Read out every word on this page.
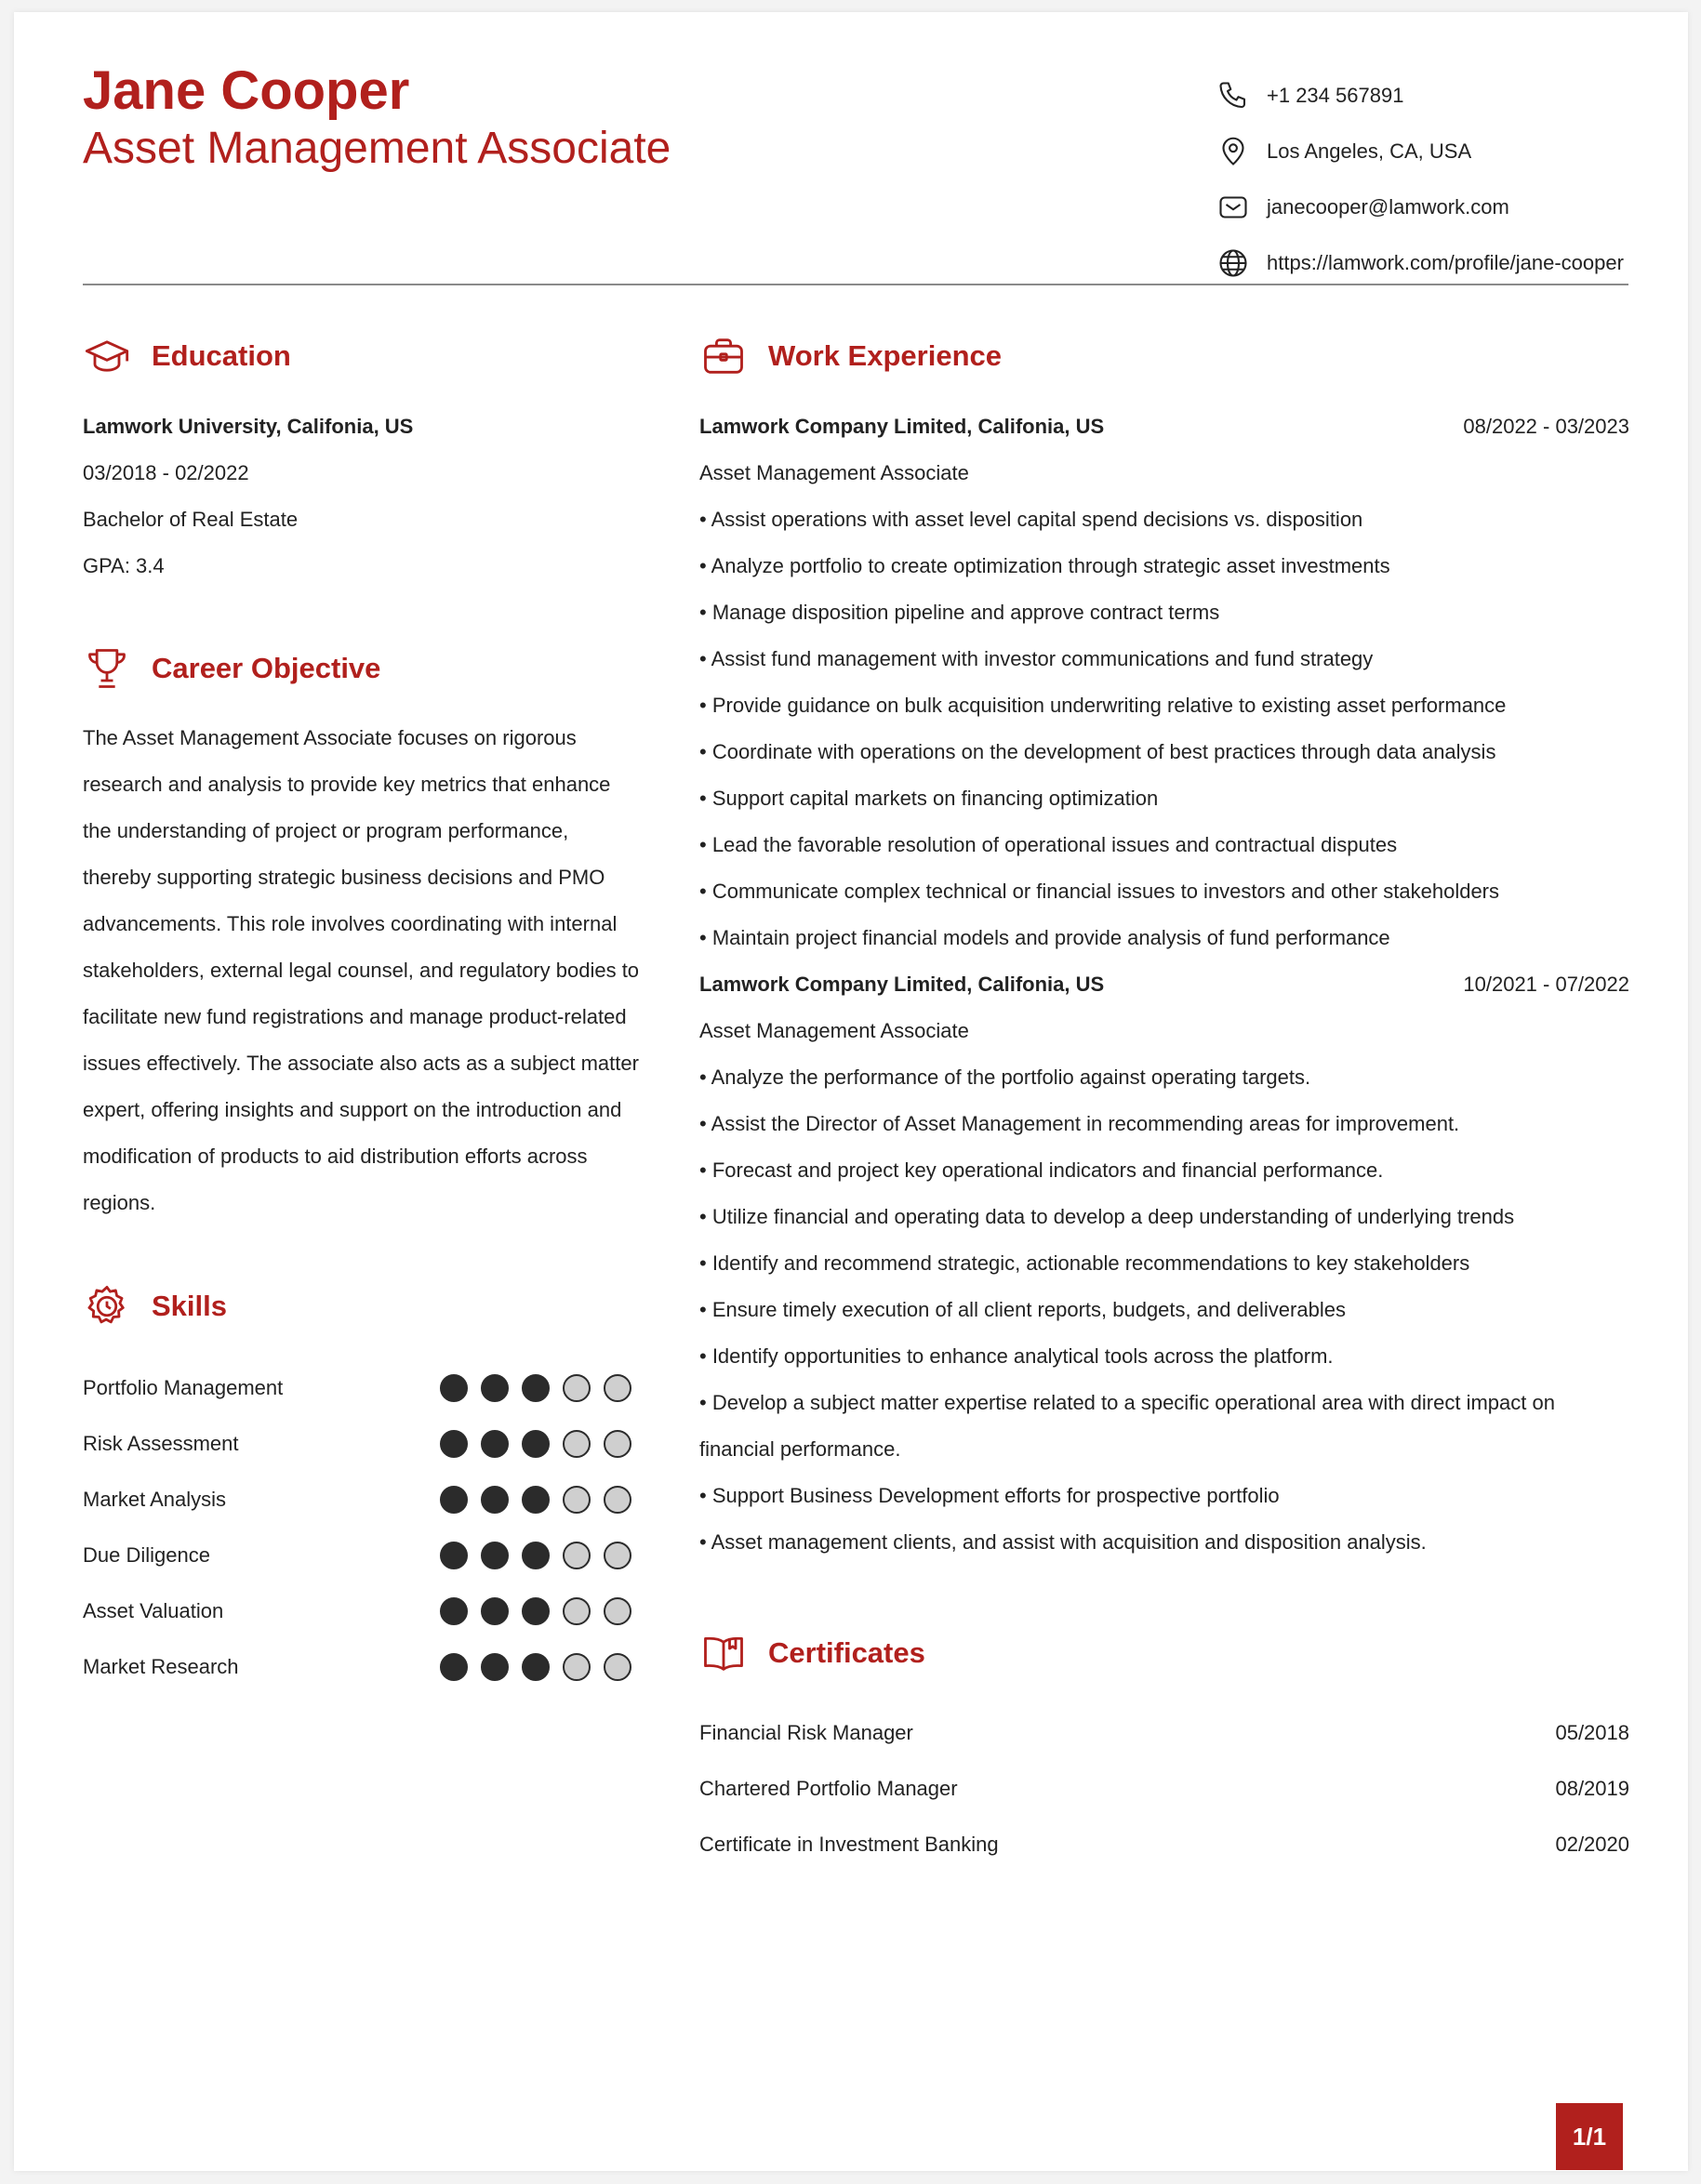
Jane Cooper
Asset Management Associate
+1 234 567891
Los Angeles, CA, USA
janecooper@lamwork.com
https://lamwork.com/profile/jane-cooper
Education
Lamwork University, Califonia, US
03/2018 - 02/2022
Bachelor of Real Estate
GPA: 3.4
Career Objective
The Asset Management Associate focuses on rigorous research and analysis to provide key metrics that enhance the understanding of project or program performance, thereby supporting strategic business decisions and PMO advancements. This role involves coordinating with internal stakeholders, external legal counsel, and regulatory bodies to facilitate new fund registrations and manage product-related issues effectively. The associate also acts as a subject matter expert, offering insights and support on the introduction and modification of products to aid distribution efforts across regions.
Skills
Portfolio Management
Risk Assessment
Market Analysis
Due Diligence
Asset Valuation
Market Research
Work Experience
Lamwork Company Limited, Califonia, US	08/2022 - 03/2023
Asset Management Associate
• Assist operations with asset level capital spend decisions vs. disposition
• Analyze portfolio to create optimization through strategic asset investments
• Manage disposition pipeline and approve contract terms
• Assist fund management with investor communications and fund strategy
• Provide guidance on bulk acquisition underwriting relative to existing asset performance
• Coordinate with operations on the development of best practices through data analysis
• Support capital markets on financing optimization
• Lead the favorable resolution of operational issues and contractual disputes
• Communicate complex technical or financial issues to investors and other stakeholders
• Maintain project financial models and provide analysis of fund performance
Lamwork Company Limited, Califonia, US	10/2021 - 07/2022
Asset Management Associate
• Analyze the performance of the portfolio against operating targets.
• Assist the Director of Asset Management in recommending areas for improvement.
• Forecast and project key operational indicators and financial performance.
• Utilize financial and operating data to develop a deep understanding of underlying trends
• Identify and recommend strategic, actionable recommendations to key stakeholders
• Ensure timely execution of all client reports, budgets, and deliverables
• Identify opportunities to enhance analytical tools across the platform.
• Develop a subject matter expertise related to a specific operational area with direct impact on financial performance.
• Support Business Development efforts for prospective portfolio
• Asset management clients, and assist with acquisition and disposition analysis.
Certificates
Financial Risk Manager	05/2018
Chartered Portfolio Manager	08/2019
Certificate in Investment Banking	02/2020
1/1
